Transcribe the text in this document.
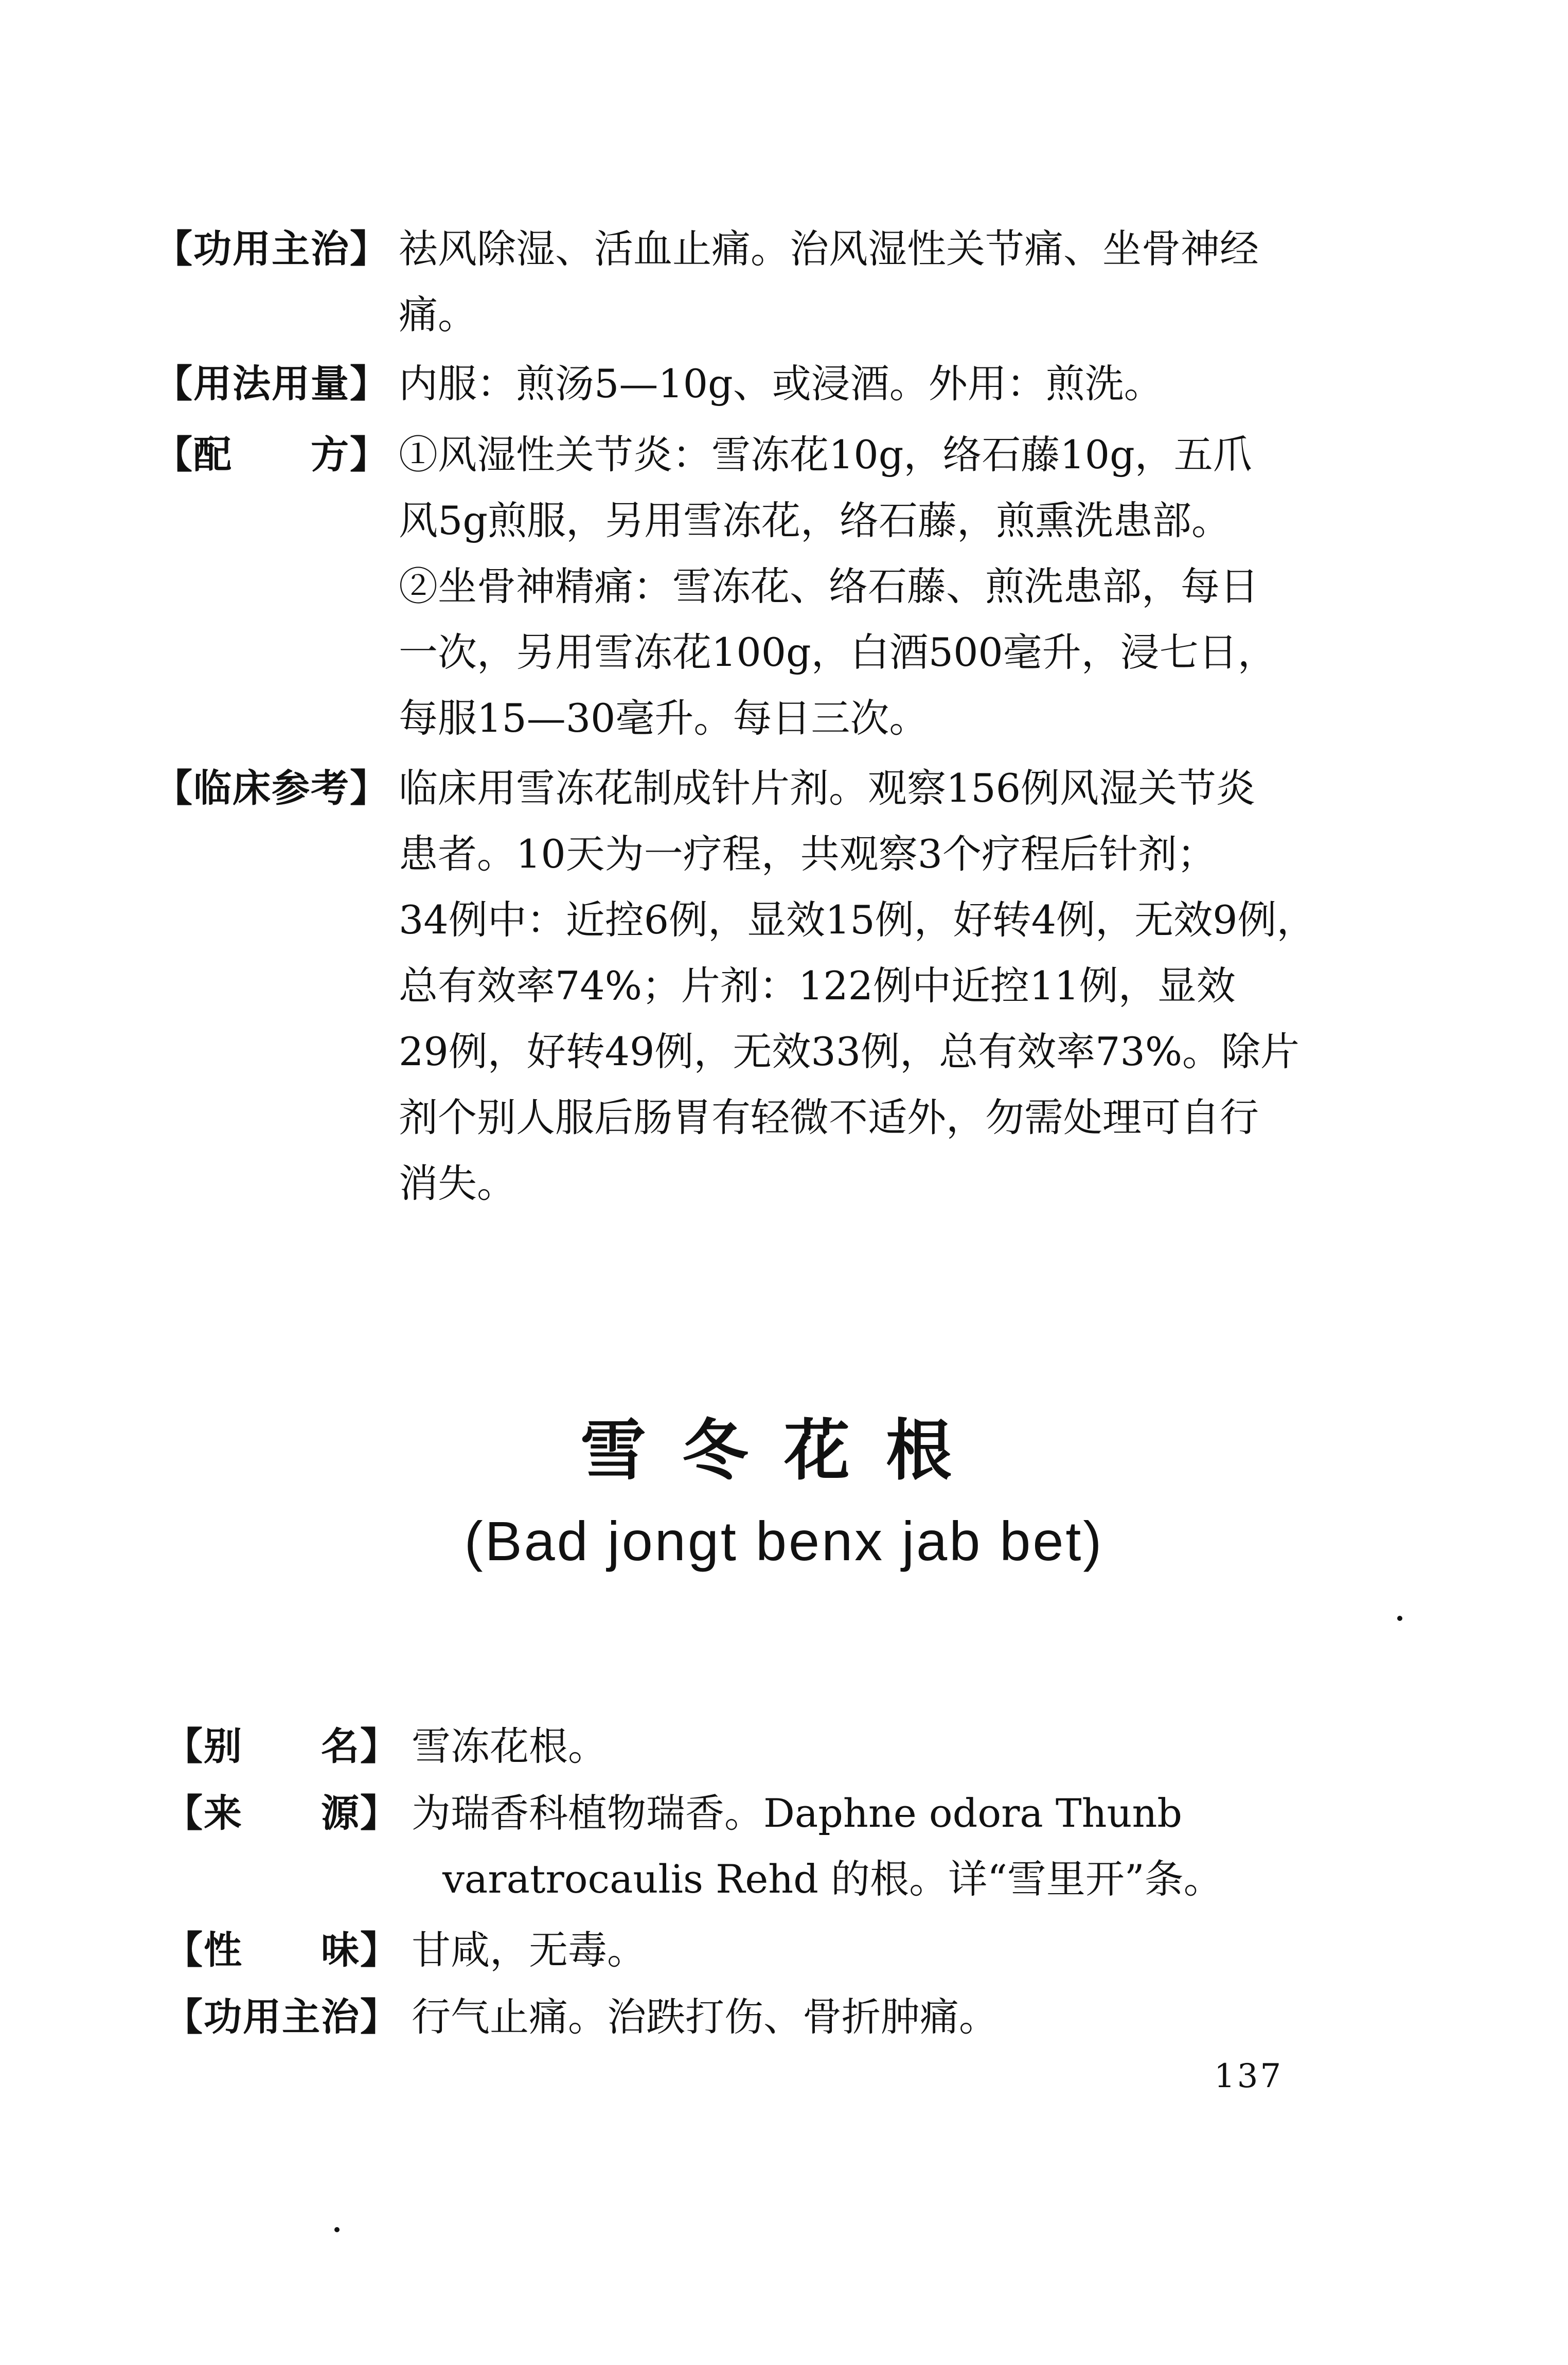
【功用主治】 祛风除湿、活血止痛。治风湿性关节痛、坐骨神经
痛。
【用法用量】 内服：煎汤5—10g、或浸酒。外用：煎洗。
【配　　方】 ①风湿性关节炎：雪冻花10g，络石藤10g，五爪
风5g煎服，另用雪冻花，络石藤，煎熏洗患部。
②坐骨神精痛：雪冻花、络石藤、煎洗患部，每日
一次，另用雪冻花100g，白酒500毫升，浸七日，
每服15—30毫升。每日三次。
【临床参考】 临床用雪冻花制成针片剂。观察156例风湿关节炎
患者。10天为一疗程，共观察3个疗程后针剂；
34例中：近控6例，显效15例，好转4例，无效9例，
总有效率74%；片剂：122例中近控11例，显效
29例，好转49例，无效33例，总有效率73%。除片
剂个别人服后肠胃有轻微不适外，勿需处理可自行
消失。
雪冬花根
(Bad jongt benx jab bet)
【别　　名】 雪冻花根。
【来　　源】 为瑞香科植物瑞香。Daphne odora Thunb
varatrocaulis Rehd 的根。详“雪里开”条。
【性　　味】 甘咸，无毒。
【功用主治】 行气止痛。治跌打伤、骨折肿痛。
137
